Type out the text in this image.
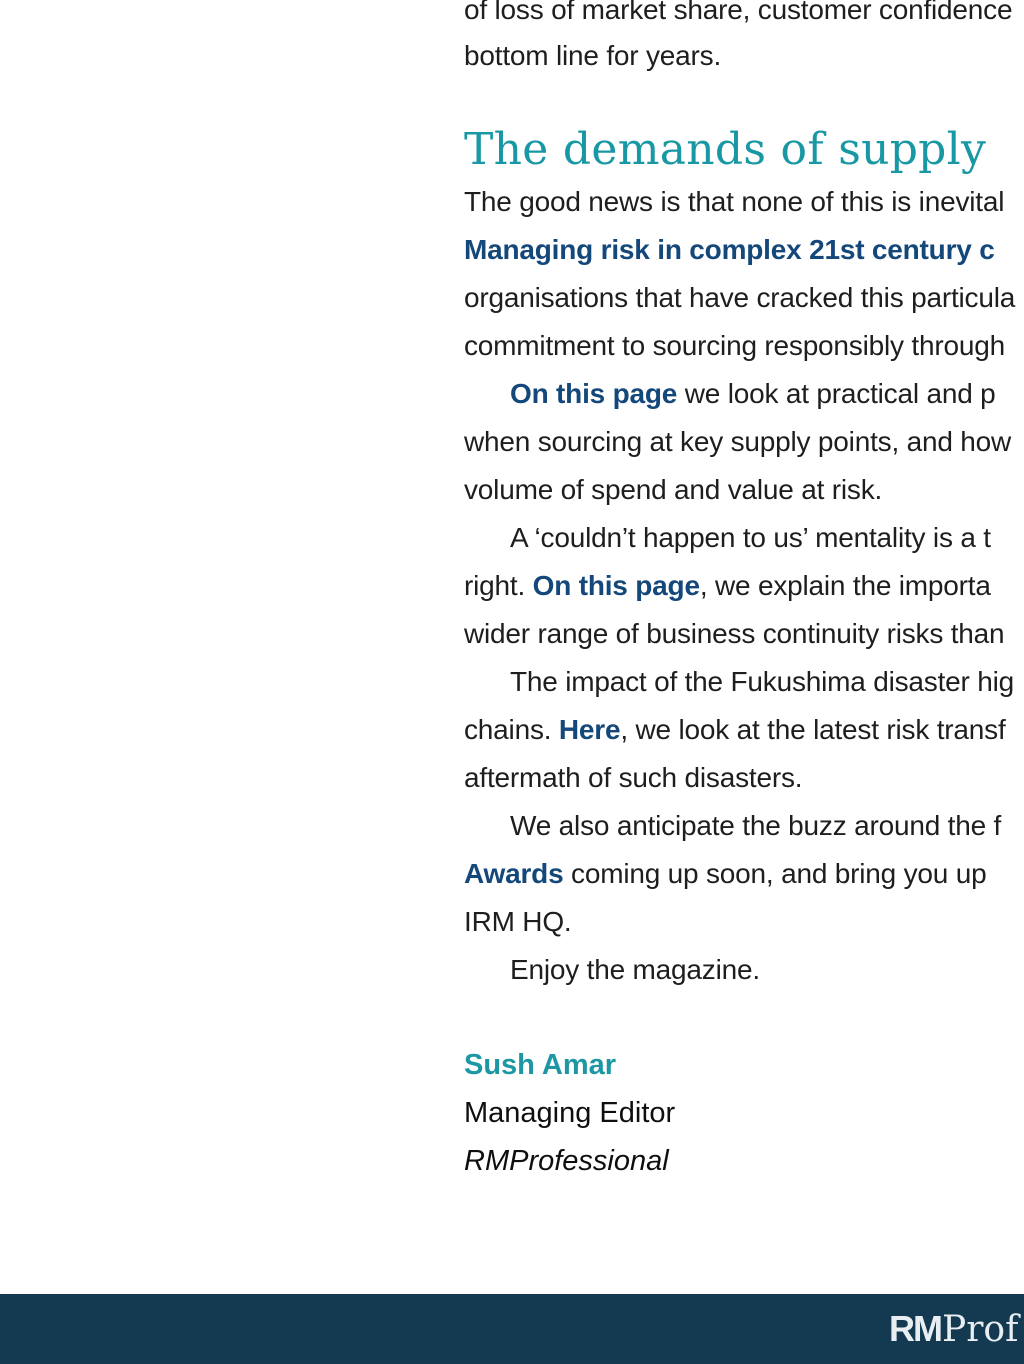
of loss of market share, customer confidence
bottom line for years.
The demands of supply
The good news is that none of this is inevital
Managing risk in complex 21st century c
organisations that have cracked this particula
commitment to sourcing responsibly through
On this page we look at practical and p
when sourcing at key supply points, and how
volume of spend and value at risk.
A ‘couldn’t happen to us’ mentality is a t
right. On this page, we explain the importa
wider range of business continuity risks than
The impact of the Fukushima disaster hig
chains. Here, we look at the latest risk transf
aftermath of such disasters.
We also anticipate the buzz around the f
Awards coming up soon, and bring you up
IRM HQ.
Enjoy the magazine.
Sush Amar
Managing Editor
RMProfessional
RMProf
